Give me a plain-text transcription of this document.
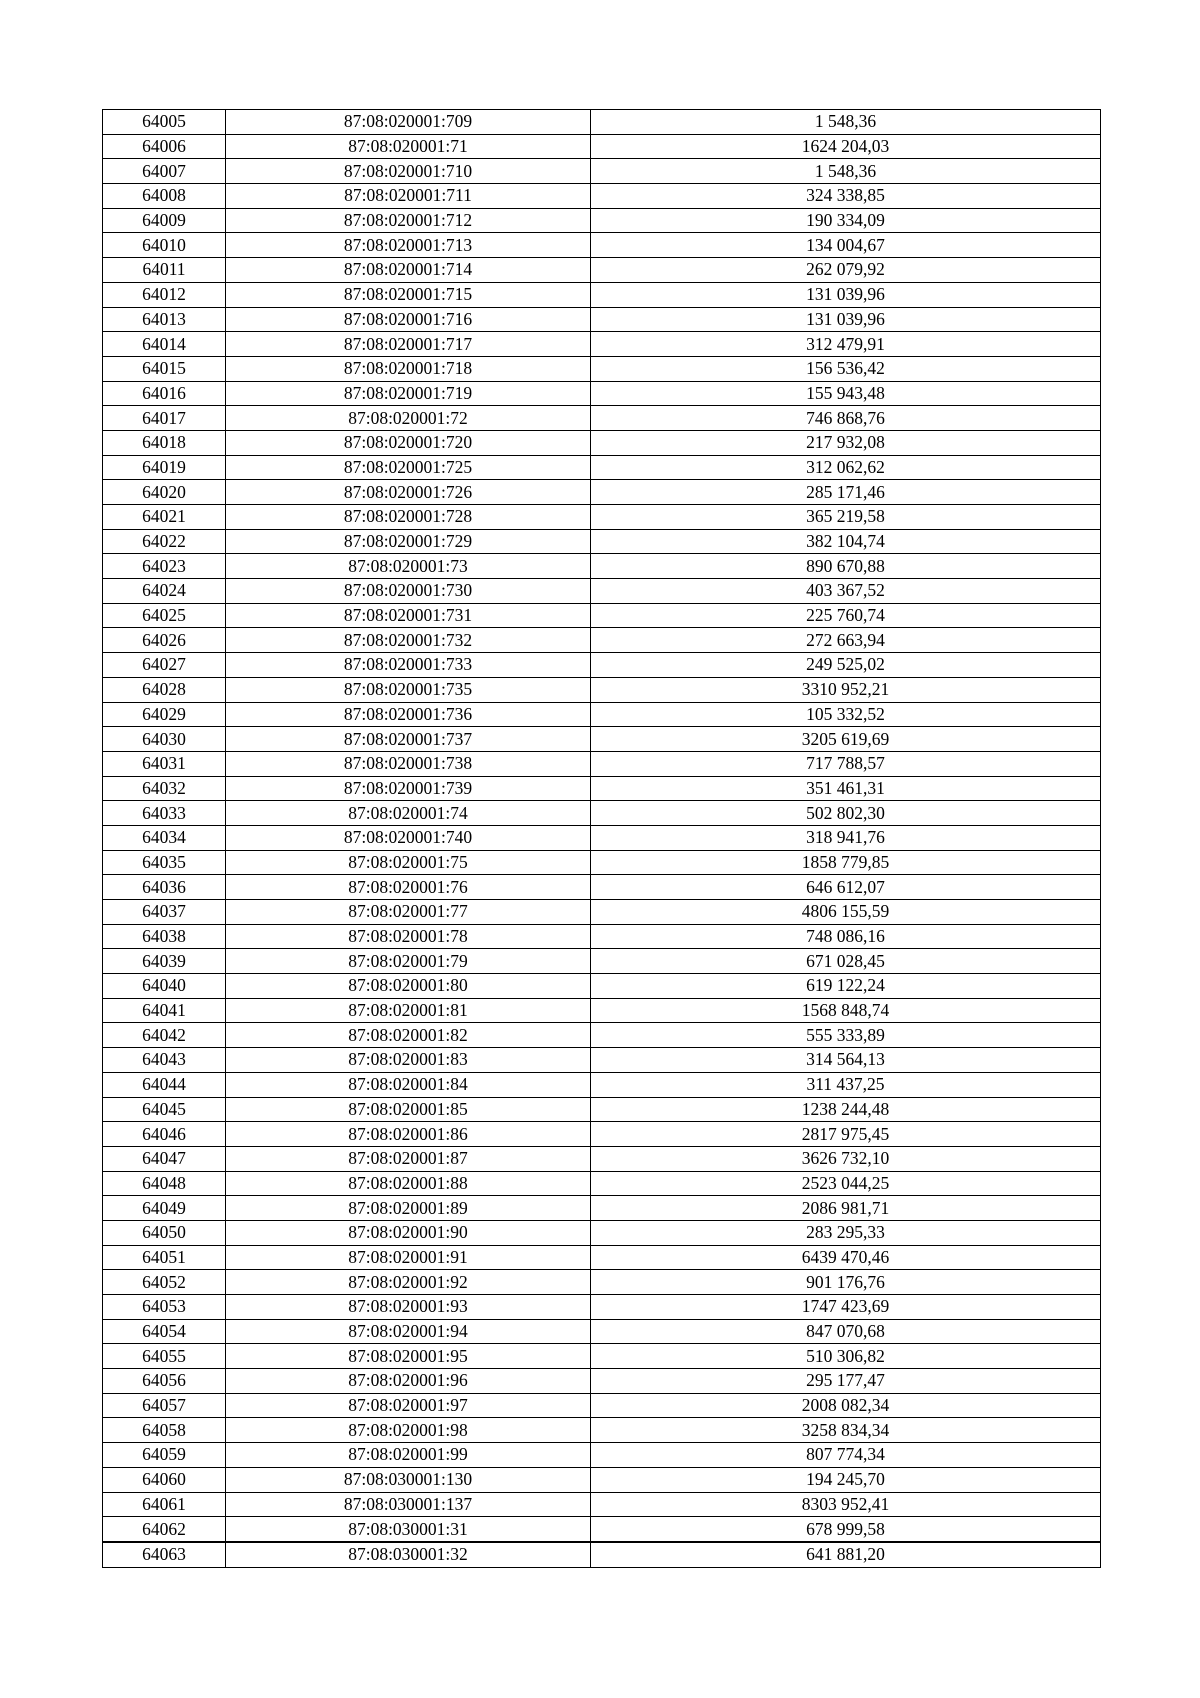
64005	87:08:020001:709	1 548,36
64006	87:08:020001:71	1624 204,03
64007	87:08:020001:710	1 548,36
64008	87:08:020001:711	324 338,85
64009	87:08:020001:712	190 334,09
64010	87:08:020001:713	134 004,67
64011	87:08:020001:714	262 079,92
64012	87:08:020001:715	131 039,96
64013	87:08:020001:716	131 039,96
64014	87:08:020001:717	312 479,91
64015	87:08:020001:718	156 536,42
64016	87:08:020001:719	155 943,48
64017	87:08:020001:72	746 868,76
64018	87:08:020001:720	217 932,08
64019	87:08:020001:725	312 062,62
64020	87:08:020001:726	285 171,46
64021	87:08:020001:728	365 219,58
64022	87:08:020001:729	382 104,74
64023	87:08:020001:73	890 670,88
64024	87:08:020001:730	403 367,52
64025	87:08:020001:731	225 760,74
64026	87:08:020001:732	272 663,94
64027	87:08:020001:733	249 525,02
64028	87:08:020001:735	3310 952,21
64029	87:08:020001:736	105 332,52
64030	87:08:020001:737	3205 619,69
64031	87:08:020001:738	717 788,57
64032	87:08:020001:739	351 461,31
64033	87:08:020001:74	502 802,30
64034	87:08:020001:740	318 941,76
64035	87:08:020001:75	1858 779,85
64036	87:08:020001:76	646 612,07
64037	87:08:020001:77	4806 155,59
64038	87:08:020001:78	748 086,16
64039	87:08:020001:79	671 028,45
64040	87:08:020001:80	619 122,24
64041	87:08:020001:81	1568 848,74
64042	87:08:020001:82	555 333,89
64043	87:08:020001:83	314 564,13
64044	87:08:020001:84	311 437,25
64045	87:08:020001:85	1238 244,48
64046	87:08:020001:86	2817 975,45
64047	87:08:020001:87	3626 732,10
64048	87:08:020001:88	2523 044,25
64049	87:08:020001:89	2086 981,71
64050	87:08:020001:90	283 295,33
64051	87:08:020001:91	6439 470,46
64052	87:08:020001:92	901 176,76
64053	87:08:020001:93	1747 423,69
64054	87:08:020001:94	847 070,68
64055	87:08:020001:95	510 306,82
64056	87:08:020001:96	295 177,47
64057	87:08:020001:97	2008 082,34
64058	87:08:020001:98	3258 834,34
64059	87:08:020001:99	807 774,34
64060	87:08:030001:130	194 245,70
64061	87:08:030001:137	8303 952,41
64062	87:08:030001:31	678 999,58
64063	87:08:030001:32	641 881,20
